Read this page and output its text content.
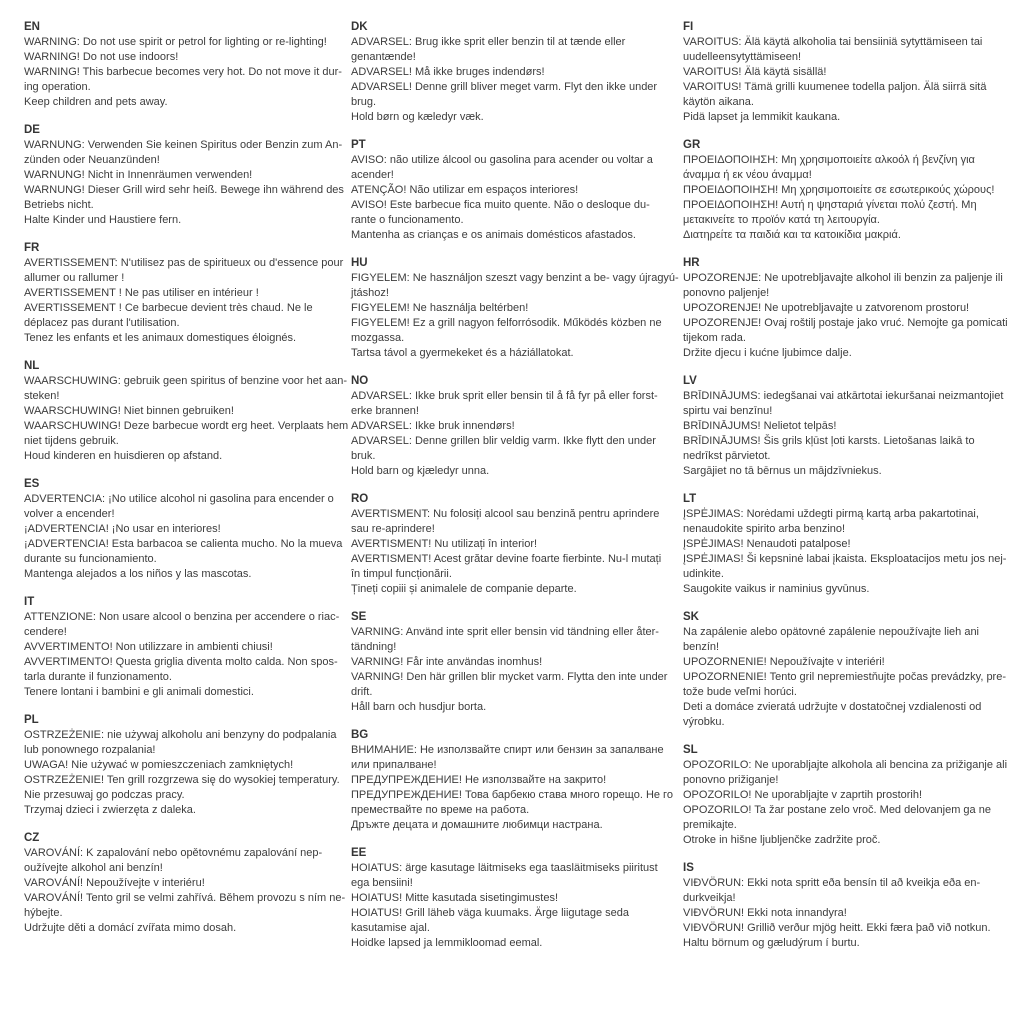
EN
WARNING: Do not use spirit or petrol for lighting or re-lighting!
WARNING! Do not use indoors!
WARNING! This barbecue becomes very hot. Do not move it dur-
ing operation.
Keep children and pets away.
DE
WARNUNG: Verwenden Sie keinen Spiritus oder Benzin zum An-
zünden oder Neuanzünden!
WARNUNG! Nicht in Innenräumen verwenden!
WARNUNG! Dieser Grill wird sehr heiß. Bewege ihn während des
Betriebs nicht.
Halte Kinder und Haustiere fern.
FR
AVERTISSEMENT: N'utilisez pas de spiritueux ou d'essence pour
allumer ou rallumer !
AVERTISSEMENT ! Ne pas utiliser en intérieur !
AVERTISSEMENT ! Ce barbecue devient très chaud. Ne le
déplacez pas durant l'utilisation.
Tenez les enfants et les animaux domestiques éloignés.
NL
WAARSCHUWING: gebruik geen spiritus of benzine voor het aan-
steken!
WAARSCHUWING! Niet binnen gebruiken!
WAARSCHUWING! Deze barbecue wordt erg heet. Verplaats hem
niet tijdens gebruik.
Houd kinderen en huisdieren op afstand.
ES
ADVERTENCIA: ¡No utilice alcohol ni gasolina para encender o
volver a encender!
¡ADVERTENCIA! ¡No usar en interiores!
¡ADVERTENCIA! Esta barbacoa se calienta mucho. No la mueva
durante su funcionamiento.
Mantenga alejados a los niños y las mascotas.
IT
ATTENZIONE: Non usare alcool o benzina per accendere o riac-
cendere!
AVVERTIMENTO! Non utilizzare in ambienti chiusi!
AVVERTIMENTO! Questa griglia diventa molto calda. Non spos-
tarla durante il funzionamento.
Tenere lontani i bambini e gli animali domestici.
PL
OSTRZEŻENIE: nie używaj alkoholu ani benzyny do podpalania
lub ponownego rozpalania!
UWAGA! Nie używać w pomieszczeniach zamkniętych!
OSTRZEŻENIE! Ten grill rozgrzewa się do wysokiej temperatury.
Nie przesuwaj go podczas pracy.
Trzymaj dzieci i zwierzęta z daleka.
CZ
VAROVÁNÍ: K zapalování nebo opětovnému zapalování nep-
oužívejte alkohol ani benzín!
VAROVÁNÍ! Nepoužívejte v interiéru!
VAROVÁNÍ! Tento gril se velmi zahřívá. Během provozu s ním ne-
hýbejte.
Udržujte děti a domácí zvířata mimo dosah.
DK
ADVARSEL: Brug ikke sprit eller benzin til at tænde eller
genantænde!
ADVARSEL! Må ikke bruges indendørs!
ADVARSEL! Denne grill bliver meget varm. Flyt den ikke under
brug.
Hold børn og kæledyr væk.
PT
AVISO: não utilize álcool ou gasolina para acender ou voltar a
acender!
ATENÇÃO! Não utilizar em espaços interiores!
AVISO! Este barbecue fica muito quente. Não o desloque du-
rante o funcionamento.
Mantenha as crianças e os animais domésticos afastados.
HU
FIGYELEM: Ne használjon szeszt vagy benzint a be- vagy újragyú-
jtáshoz!
FIGYELEM! Ne használja beltérben!
FIGYELEM! Ez a grill nagyon felforrósodik. Működés közben ne
mozgassa.
Tartsa távol a gyermekeket és a háziállatokat.
NO
ADVARSEL: Ikke bruk sprit eller bensin til å få fyr på eller forst-
erke brannen!
ADVARSEL: Ikke bruk innendørs!
ADVARSEL: Denne grillen blir veldig varm. Ikke flytt den under
bruk.
Hold barn og kjæledyr unna.
RO
AVERTISMENT: Nu folosiți alcool sau benzină pentru aprindere
sau re-aprindere!
AVERTISMENT! Nu utilizați în interior!
AVERTISMENT! Acest grătar devine foarte fierbinte. Nu-l mutați
în timpul funcționării.
Țineți copiii și animalele de companie departe.
SE
VARNING: Använd inte sprit eller bensin vid tändning eller åter-
tändning!
VARNING! Får inte användas inomhus!
VARNING! Den här grillen blir mycket varm. Flytta den inte under
drift.
Håll barn och husdjur borta.
BG
ВНИМАНИЕ: Не използвайте спирт или бензин за запалване
или припалване!
ПРЕДУПРЕЖДЕНИЕ! Не използвайте на закрито!
ПРЕДУПРЕЖДЕНИЕ! Това барбекю става много горещо. Не го
премествайте по време на работа.
Дръжте децата и домашните любимци настрана.
EE
HOIATUS: ärge kasutage läitmiseks ega taasläitmiseks piiritust
ega bensiini!
HOIATUS! Mitte kasutada sisetingimustes!
HOIATUS! Grill läheb väga kuumaks. Ärge liigutage seda
kasutamise ajal.
Hoidke lapsed ja lemmikloomad eemal.
FI
VAROITUS: Älä käytä alkoholia tai bensiiniä sytyttämiseen tai
uudelleensytyttämiseen!
VAROITUS! Älä käytä sisällä!
VAROITUS! Tämä grilli kuumenee todella paljon. Älä siirrä sitä
käytön aikana.
Pidä lapset ja lemmikit kaukana.
GR
ΠΡΟΕΙΔΟΠΟΙΗΣΗ: Μη χρησιμοποιείτε αλκοόλ ή βενζίνη για
άναμμα ή εκ νέου άναμμα!
ΠΡΟΕΙΔΟΠΟΙΗΣΗ! Μη χρησιμοποιείτε σε εσωτερικούς χώρους!
ΠΡΟΕΙΔΟΠΟΙΗΣΗ! Αυτή η ψησταριά γίνεται πολύ ζεστή. Μη
μετακινείτε το προϊόν κατά τη λειτουργία.
Διατηρείτε τα παιδιά και τα κατοικίδια μακριά.
HR
UPOZORENJE: Ne upotrebljavajte alkohol ili benzin za paljenje ili
ponovno paljenje!
UPOZORENJE! Ne upotrebljavajte u zatvorenom prostoru!
UPOZORENJE! Ovaj roštilj postaje jako vruć. Nemojte ga pomicati
tijekom rada.
Držite djecu i kućne ljubimce dalje.
LV
BRĪDINĀJUMS: iedegšanai vai atkārtotai iekuršanai neizmantojiet
spirtu vai benzīnu!
BRĪDINĀJUMS! Nelietot telpās!
BRĪDINĀJUMS! Šis grils kļūst ļoti karsts. Lietošanas laikā to
nedrīkst pārvietot.
Sargājiet no tā bērnus un mājdzīvniekus.
LT
ĮSPĖJIMAS: Norėdami uždegti pirmą kartą arba pakartotinai,
nenaudokite spirito arba benzino!
ĮSPĖJIMAS! Nenaudoti patalpose!
ĮSPĖJIMAS! Ši kepsninė labai įkaista. Eksploatacijos metu jos nej-
udinkite.
Saugokite vaikus ir naminius gyvūnus.
SK
Na zapálenie alebo opätovné zapálenie nepoužívajte lieh ani
benzín!
UPOZORNENIE! Nepoužívajte v interiéri!
UPOZORNENIE! Tento gril nepremiestňujte počas prevádzky, pre-
tože bude veľmi horúci.
Deti a domáce zvieratá udržujte v dostatočnej vzdialenosti od
výrobku.
SL
OPOZORILO: Ne uporabljajte alkohola ali bencina za prižiganje ali
ponovno prižiganje!
OPOZORILO! Ne uporabljajte v zaprtih prostorih!
OPOZORILO! Ta žar postane zelo vroč. Med delovanjem ga ne
premikajte.
Otroke in hišne ljubljenčke zadržite proč.
IS
VIÐVÖRUN: Ekki nota spritt eða bensín til að kveikja eða en-
durkveikja!
VIÐVÖRUN! Ekki nota innandyra!
VIÐVÖRUN! Grillið verður mjög heitt. Ekki færa það við notkun.
Haltu börnum og gæludýrum í burtu.
